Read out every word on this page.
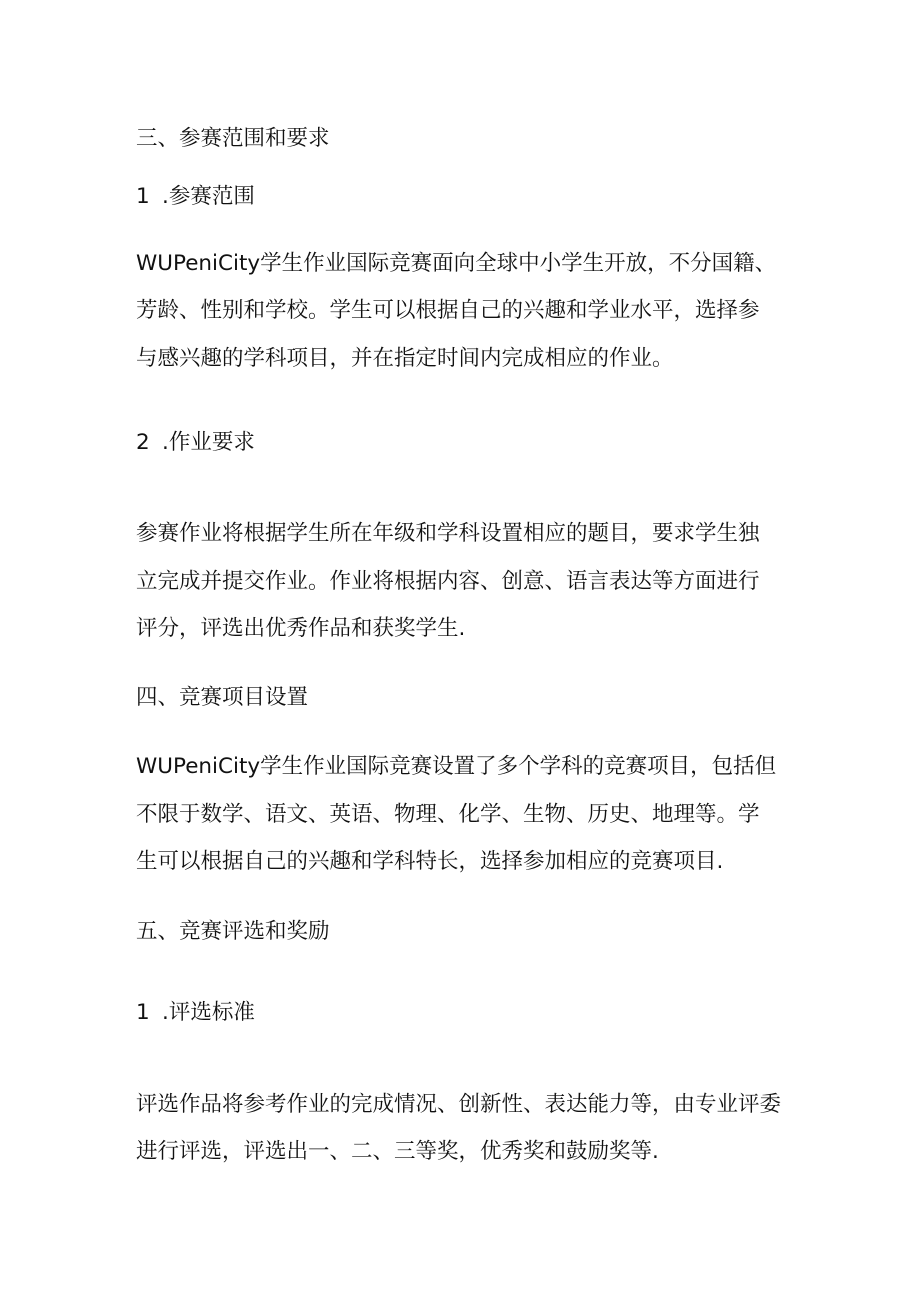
三、参赛范围和要求
1 .参赛范围
WUPeniCity学生作业国际竞赛面向全球中小学生开放，不分国籍、
芳龄、性别和学校。学生可以根据自己的兴趣和学业水平，选择参
与感兴趣的学科项目，并在指定时间内完成相应的作业。
2 .作业要求
参赛作业将根据学生所在年级和学科设置相应的题目，要求学生独
立完成并提交作业。作业将根据内容、创意、语言表达等方面进行
评分，评选出优秀作品和获奖学生.
四、竞赛项目设置
WUPeniCity学生作业国际竞赛设置了多个学科的竞赛项目，包括但
不限于数学、语文、英语、物理、化学、生物、历史、地理等。学
生可以根据自己的兴趣和学科特长，选择参加相应的竞赛项目.
五、竞赛评选和奖励
1 .评选标准
评选作品将参考作业的完成情况、创新性、表达能力等，由专业评委
进行评选，评选出一、二、三等奖，优秀奖和鼓励奖等.
